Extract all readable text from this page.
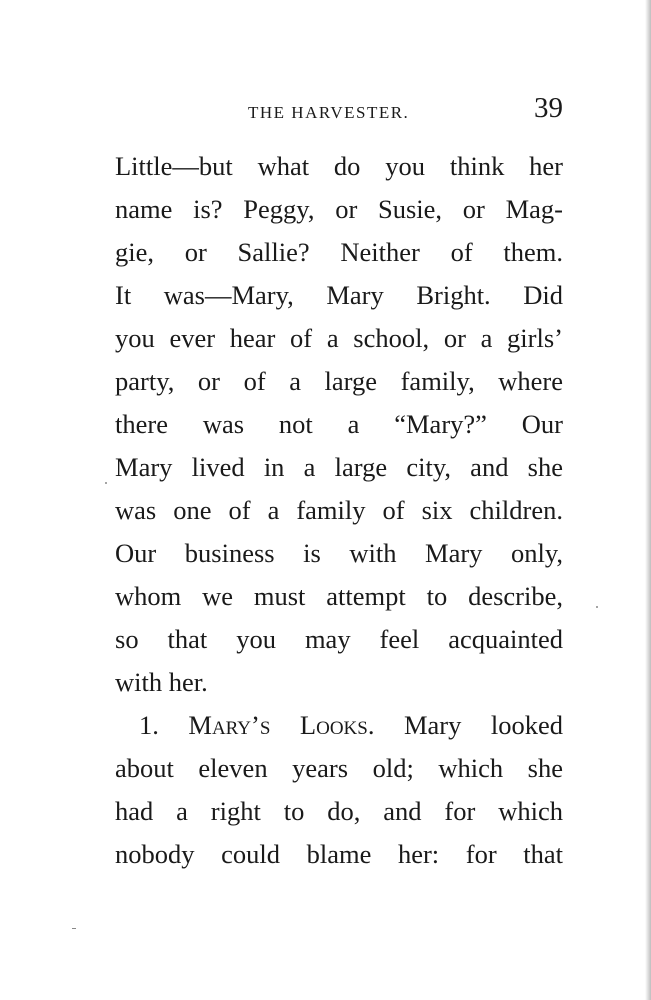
THE HARVESTER.	39
Little—but what do you think her
name is? Peggy, or Susie, or Mag-
gie, or Sallie? Neither of them.
It was—Mary, Mary Bright. Did
you ever hear of a school, or a girls’
party, or of a large family, where
there was not a “Mary?” Our
Mary lived in a large city, and she
was one of a family of six children.
Our business is with Mary only,
whom we must attempt to describe,
so that you may feel acquainted
with her.
1. Mary’s Looks. Mary looked
about eleven years old; which she
had a right to do, and for which
nobody could blame her: for that
